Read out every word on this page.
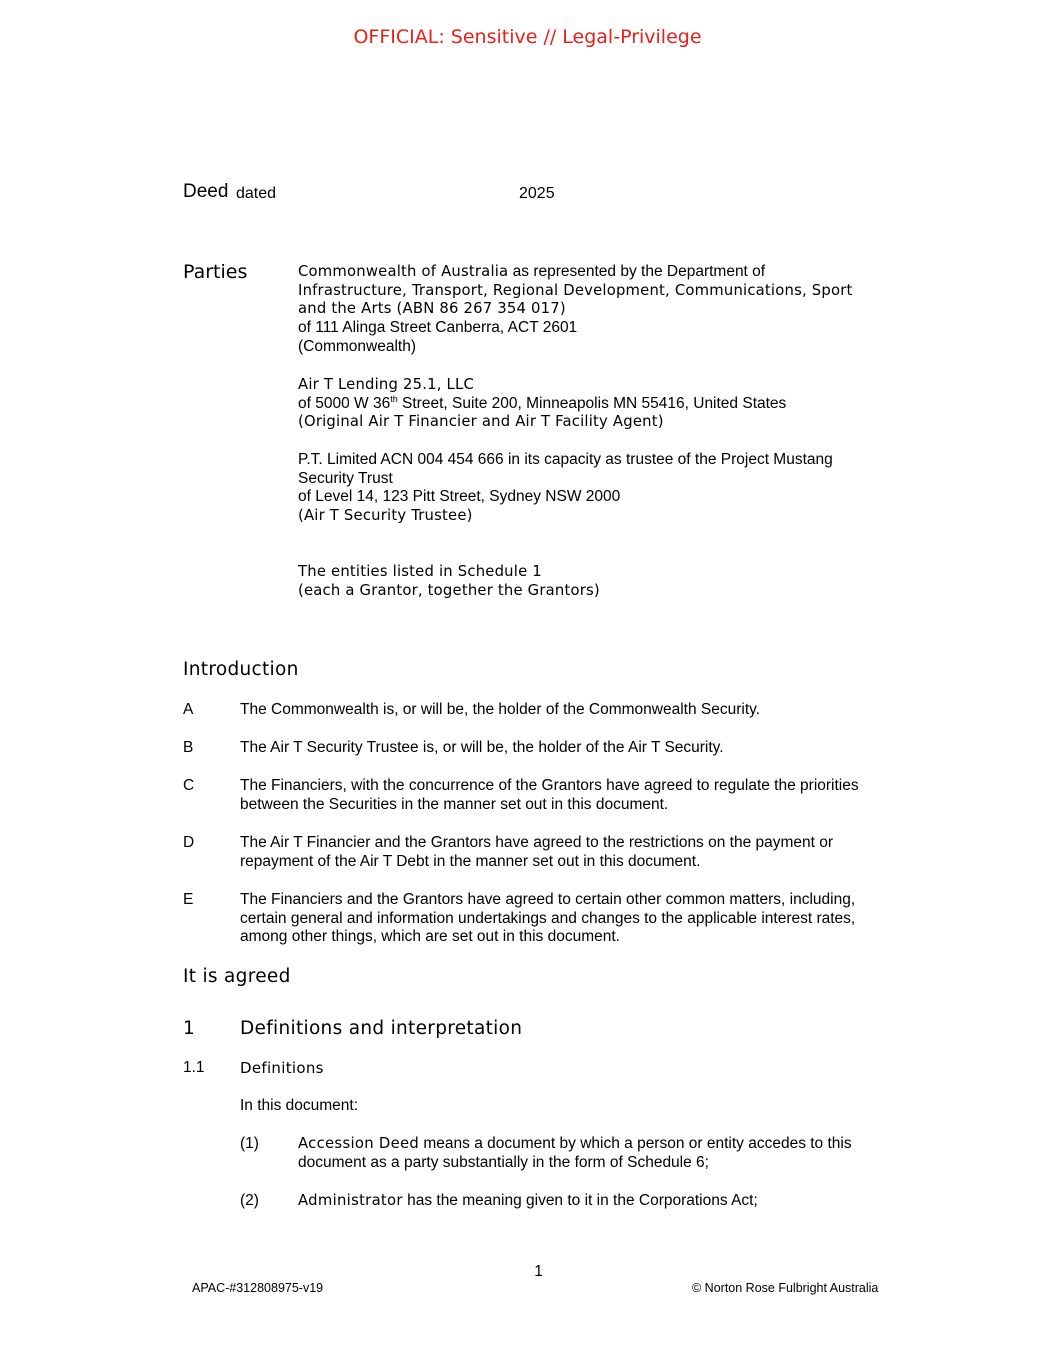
OFFICIAL: Sensitive // Legal-Privilege
Deed dated	2025
Parties	Commonwealth of Australia as represented by the Department of
Infrastructure, Transport, Regional Development, Communications, Sport
and the Arts (ABN 86 267 354 017)
of 111 Alinga Street Canberra, ACT 2601
(Commonwealth)
Air T Lending 25.1, LLC
of 5000 W 36th Street, Suite 200, Minneapolis MN 55416, United States
(Original Air T Financier and Air T Facility Agent)
P.T. Limited ACN 004 454 666 in its capacity as trustee of the Project Mustang
Security Trust
of Level 14, 123 Pitt Street, Sydney NSW 2000
(Air T Security Trustee)
The entities listed in Schedule 1
(each a Grantor, together the Grantors)
Introduction
A	The Commonwealth is, or will be, the holder of the Commonwealth Security.
B	The Air T Security Trustee is, or will be, the holder of the Air T Security.
C	The Financiers, with the concurrence of the Grantors have agreed to regulate the priorities between the Securities in the manner set out in this document.
D	The Air T Financier and the Grantors have agreed to the restrictions on the payment or repayment of the Air T Debt in the manner set out in this document.
E	The Financiers and the Grantors have agreed to certain other common matters, including, certain general and information undertakings and changes to the applicable interest rates, among other things, which are set out in this document.
It is agreed
1 Definitions and interpretation
1.1 Definitions
In this document:
(1)	Accession Deed means a document by which a person or entity accedes to this document as a party substantially in the form of Schedule 6;
(2)	Administrator has the meaning given to it in the Corporations Act;
1
APAC-#312808975-v19	© Norton Rose Fulbright Australia
